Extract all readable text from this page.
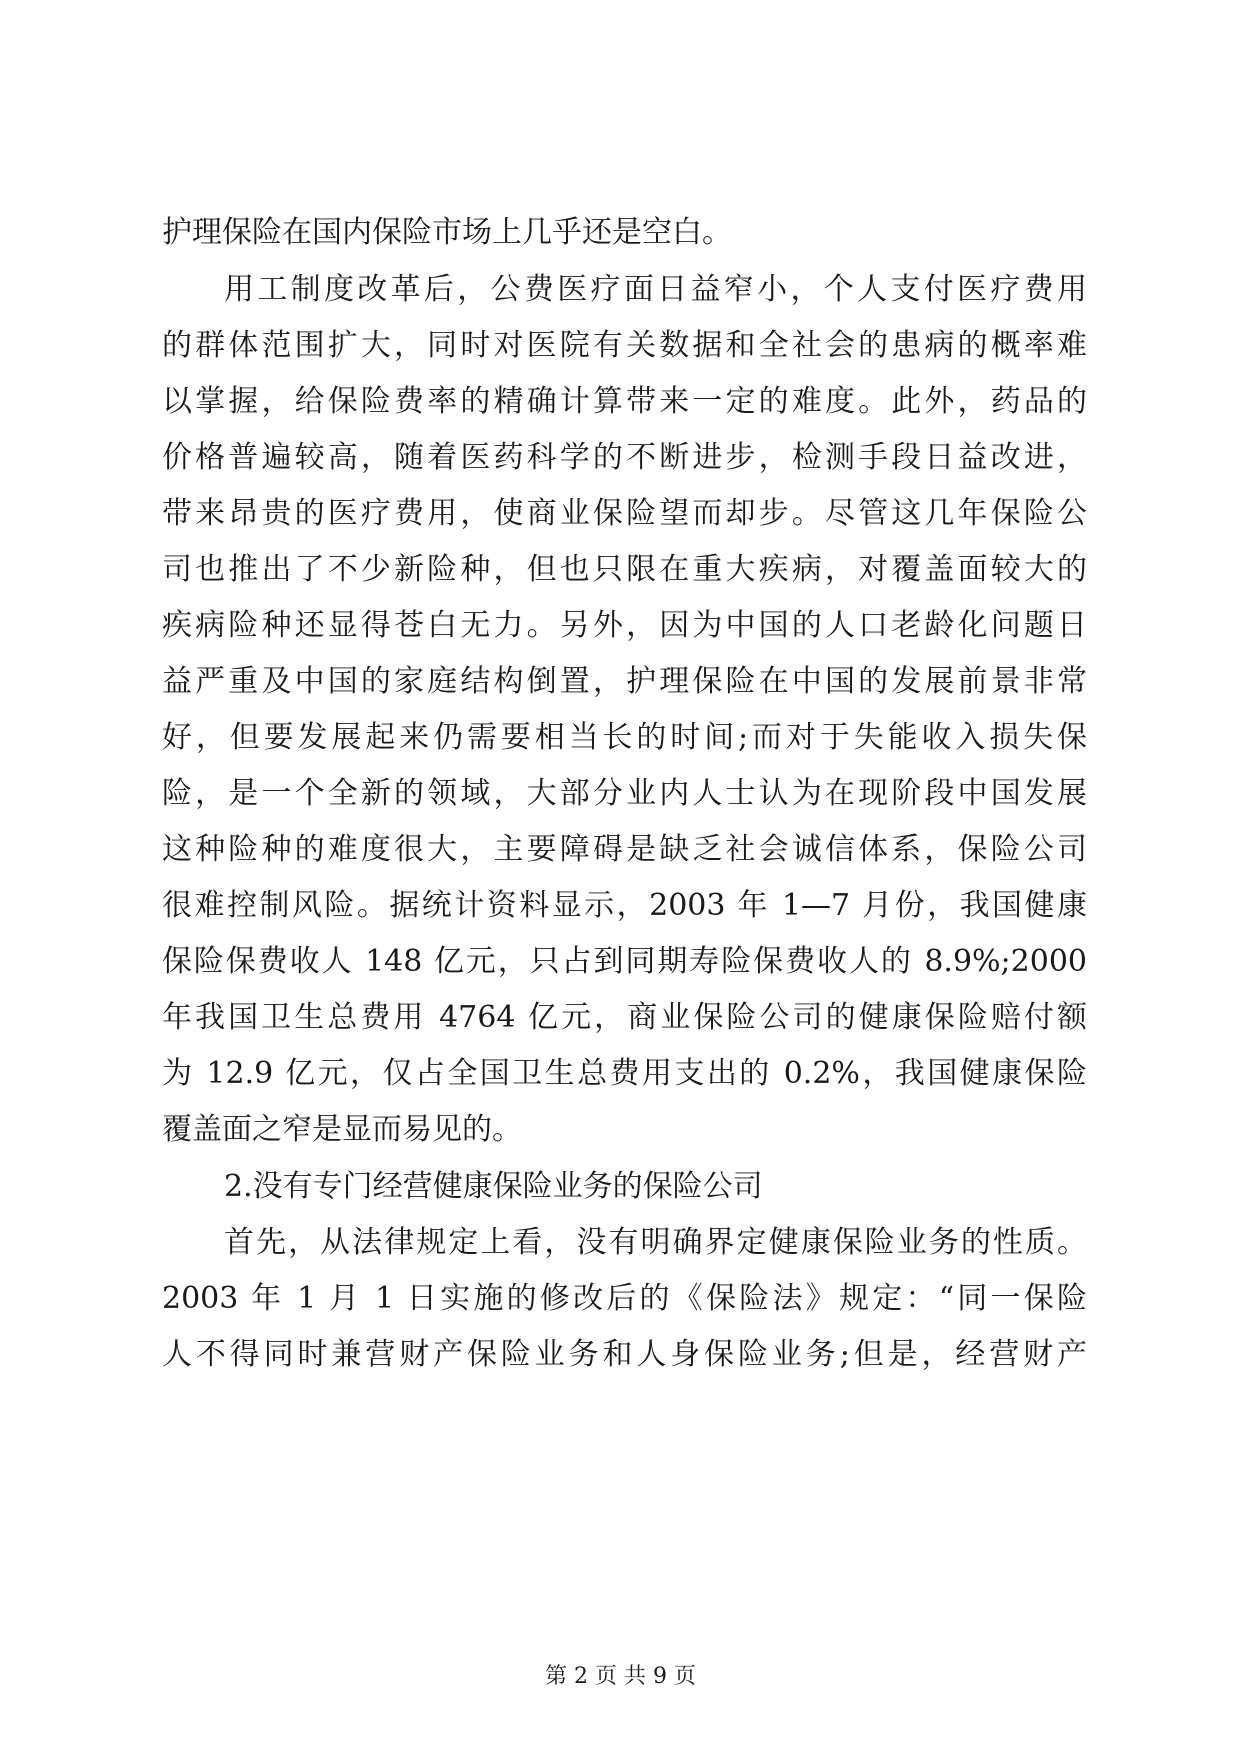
护理保险在国内保险市场上几乎还是空白。
用工制度改革后，公费医疗面日益窄小，个人支付医疗费用
的群体范围扩大，同时对医院有关数据和全社会的患病的概率难
以掌握，给保险费率的精确计算带来一定的难度。此外，药品的
价格普遍较高，随着医药科学的不断进步，检测手段日益改进，
带来昂贵的医疗费用，使商业保险望而却步。尽管这几年保险公
司也推出了不少新险种，但也只限在重大疾病，对覆盖面较大的
疾病险种还显得苍白无力。另外，因为中国的人口老龄化问题日
益严重及中国的家庭结构倒置，护理保险在中国的发展前景非常
好，但要发展起来仍需要相当长的时间;而对于失能收入损失保
险，是一个全新的领域，大部分业内人士认为在现阶段中国发展
这种险种的难度很大，主要障碍是缺乏社会诚信体系，保险公司
很难控制风险。据统计资料显示，2003 年 1—7 月份，我国健康
保险保费收人 148 亿元，只占到同期寿险保费收人的 8.9%;2000
年我国卫生总费用 4764 亿元，商业保险公司的健康保险赔付额
为 12.9 亿元，仅占全国卫生总费用支出的 0.2%，我国健康保险
覆盖面之窄是显而易见的。
2.没有专门经营健康保险业务的保险公司
首先，从法律规定上看，没有明确界定健康保险业务的性质。
2003 年 1 月 1 日实施的修改后的《保险法》规定：“同一保险
人不得同时兼营财产保险业务和人身保险业务;但是，经营财产
第 2 页 共 9 页
